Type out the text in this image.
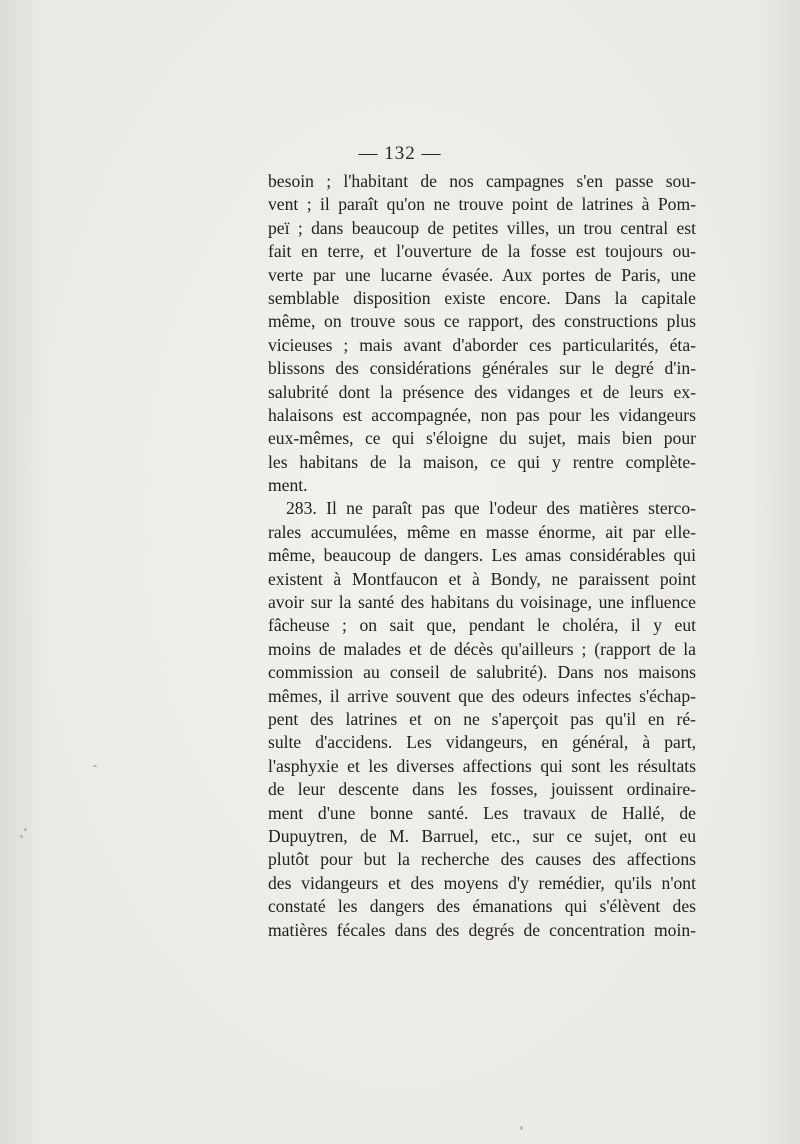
— 132 —
besoin ; l'habitant de nos campagnes s'en passe sou-
vent ; il paraît qu'on ne trouve point de latrines à Pom-
peï ; dans beaucoup de petites villes, un trou central est
fait en terre, et l'ouverture de la fosse est toujours ou-
verte par une lucarne évasée. Aux portes de Paris, une
semblable disposition existe encore. Dans la capitale
même, on trouve sous ce rapport, des constructions plus
vicieuses ; mais avant d'aborder ces particularités, éta-
blissons des considérations générales sur le degré d'in-
salubrité dont la présence des vidanges et de leurs ex-
halaisons est accompagnée, non pas pour les vidangeurs
eux-mêmes, ce qui s'éloigne du sujet, mais bien pour
les habitans de la maison, ce qui y rentre complète-
ment.
283. Il ne paraît pas que l'odeur des matières sterco-
rales accumulées, même en masse énorme, ait par elle-
même, beaucoup de dangers. Les amas considérables qui
existent à Montfaucon et à Bondy, ne paraissent point
avoir sur la santé des habitans du voisinage, une influence
fâcheuse ; on sait que, pendant le choléra, il y eut
moins de malades et de décès qu'ailleurs ; (rapport de la
commission au conseil de salubrité). Dans nos maisons
mêmes, il arrive souvent que des odeurs infectes s'échap-
pent des latrines et on ne s'aperçoit pas qu'il en ré-
sulte d'accidens. Les vidangeurs, en général, à part,
l'asphyxie et les diverses affections qui sont les résultats
de leur descente dans les fosses, jouissent ordinaire-
ment d'une bonne santé. Les travaux de Hallé, de
Dupuytren, de M. Barruel, etc., sur ce sujet, ont eu
plutôt pour but la recherche des causes des affections
des vidangeurs et des moyens d'y remédier, qu'ils n'ont
constaté les dangers des émanations qui s'élèvent des
matières fécales dans des degrés de concentration moin-
